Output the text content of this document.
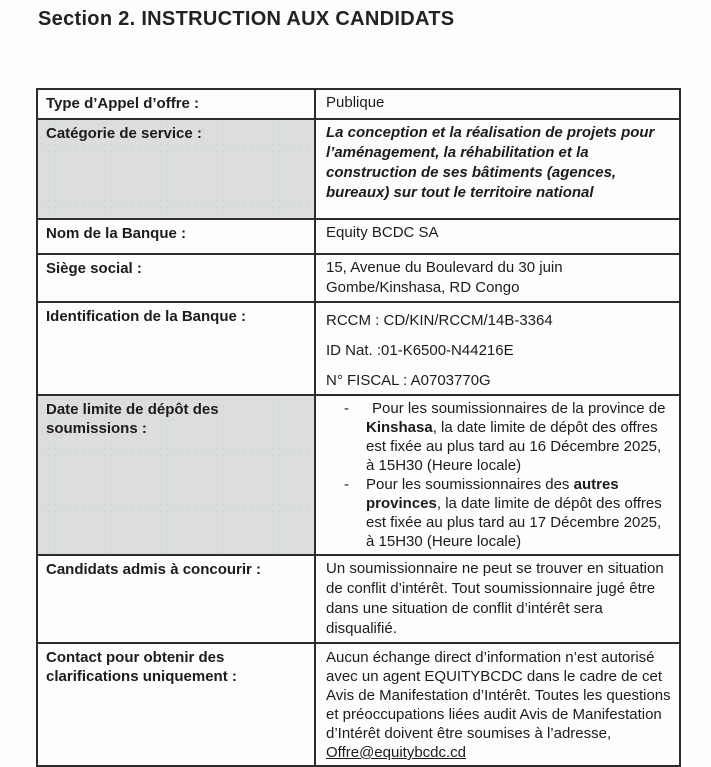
Section 2. INSTRUCTION AUX CANDIDATS
Type d’Appel d’offre :	Publique
Catégorie de service :	La conception et la réalisation de projets pour l’aménagement, la réhabilitation et la construction de ses bâtiments (agences, bureaux) sur tout le territoire national
Nom de la Banque :	Equity BCDC SA
Siège social :	15, Avenue du Boulevard du 30 juin Gombe/Kinshasa, RD Congo
Identification de la Banque :	RCCM : CD/KIN/RCCM/14B-3364

ID Nat. :01-K6500-N44216E

N° FISCAL : A0703770G

Date limite de dépôt des soumissions :	- Pour les soumissionnaires de la province de Kinshasa, la date limite de dépôt des offres est fixée au plus tard au 16 Décembre 2025, à 15H30 (Heure locale)
- Pour les soumissionnaires des autres provinces, la date limite de dépôt des offres est fixée au plus tard au 17 Décembre 2025, à 15H30 (Heure locale)

Candidats admis à concourir :	Un soumissionnaire ne peut se trouver en situation de conflit d’intérêt. Tout soumissionnaire jugé être dans une situation de conflit d’intérêt sera disqualifié.
Contact pour obtenir des clarifications uniquement :	Aucun échange direct d’information n’est autorisé avec un agent EQUITYBCDC dans le cadre de cet Avis de Manifestation d’Intérêt. Toutes les questions et préoccupations liées audit Avis de Manifestation d’Intérêt doivent être soumises à l’adresse, Offre@equitybcdc.cd
